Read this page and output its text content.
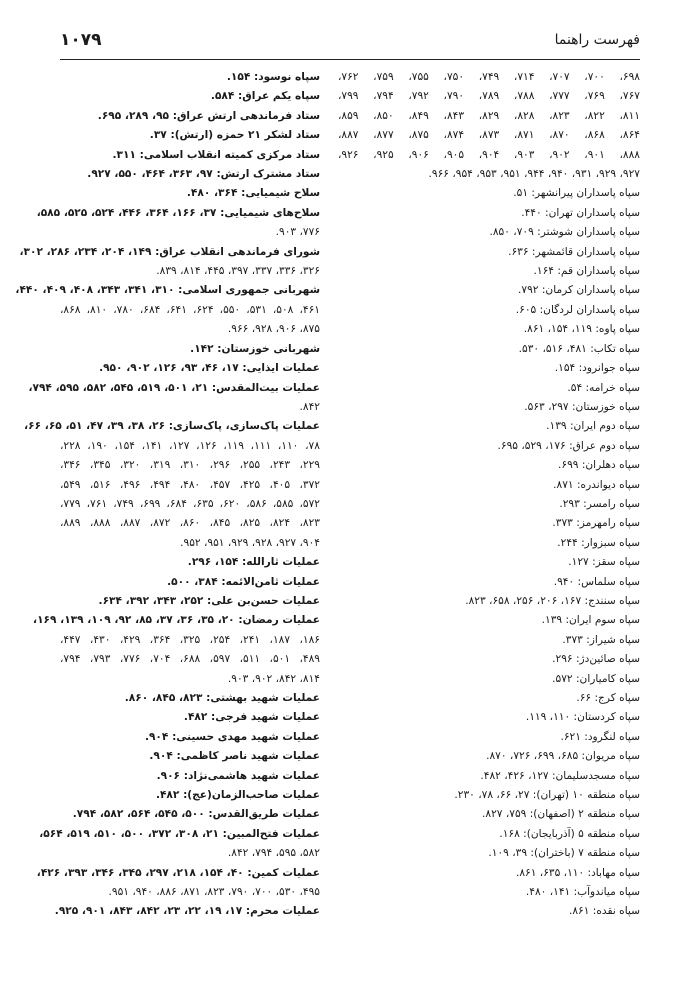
فهرست راهنما
۱۰۷۹
۶۹۸، ۷۰۰، ۷۰۷، ۷۱۴، ۷۴۹، ۷۵۰، ۷۵۵، ۷۵۹، ۷۶۲،
۷۶۷، ۷۶۹، ۷۷۷، ۷۸۸، ۷۸۹، ۷۹۰، ۷۹۲، ۷۹۴، ۷۹۹،
۸۱۱، ۸۲۲، ۸۲۳، ۸۲۸، ۸۲۹، ۸۴۳، ۸۴۹، ۸۵۰، ۸۵۹،
۸۶۴، ۸۶۸، ۸۷۰، ۸۷۱، ۸۷۳، ۸۷۴، ۸۷۵، ۸۷۷، ۸۸۷،
۸۸۸، ۹۰۱، ۹۰۲، ۹۰۳، ۹۰۴، ۹۰۵، ۹۰۶، ۹۲۵، ۹۲۶،
۹۲۷، ۹۲۹، ۹۳۱، ۹۴۰، ۹۴۴، ۹۵۱، ۹۵۳، ۹۵۴، ۹۶۶.
سپاه پاسداران پیرانشهر: ۵۱.
سپاه پاسداران تهران: ۴۴۰.
سپاه پاسداران شوشتر: ۷۰۹، ۸۵۰.
سپاه پاسداران قائمشهر: ۶۳۶.
سپاه پاسداران قم: ۱۶۴.
سپاه پاسداران کرمان: ۷۹۲.
سپاه پاسداران لردگان: ۶۰۵.
سپاه پاوه: ۱۱۹، ۱۵۴، ۸۶۱.
سپاه تکاب: ۴۸۱، ۵۱۶، ۵۳۰.
سپاه جوانرود: ۱۵۴.
سپاه خرامه: ۵۴.
سپاه خوزستان: ۲۹۷، ۵۶۳.
سپاه دوم ایران: ۱۳۹.
سپاه دوم عراق: ۱۷۶، ۵۲۹، ۶۹۵.
سپاه دهلران: ۶۹۹.
سپاه دیواندره: ۸۷۱.
سپاه رامسر: ۲۹۳.
سپاه رامهرمز: ۳۷۳.
سپاه سبزوار: ۲۴۴.
سپاه سقز: ۱۲۷.
سپاه سلماس: ۹۴۰.
سپاه سنندج: ۱۶۷، ۲۰۶، ۲۵۶، ۶۵۸، ۸۲۳.
سپاه سوم ایران: ۱۳۹.
سپاه شیراز: ۳۷۳.
سپاه صائین‌دژ: ۲۹۶.
سپاه کامیاران: ۵۷۲.
سپاه کرج: ۶۶.
سپاه کردستان: ۱۱۰، ۱۱۹.
سپاه لنگرود: ۶۲۱.
سپاه مریوان: ۶۸۵، ۶۹۹، ۷۲۶، ۸۷۰.
سپاه مسجدسلیمان: ۱۲۷، ۴۲۶، ۴۸۲.
سپاه منطقه ۱۰ (تهران): ۲۷، ۶۶، ۷۸، ۲۳۰.
سپاه منطقه ۲ (اصفهان): ۷۵۹، ۸۲۷.
سپاه منطقه ۵ (آذربایجان): ۱۶۸.
سپاه منطقه ۷ (باختران): ۳۹، ۱۰۹.
سپاه مهاباد: ۱۱۰، ۶۳۵، ۸۶۱.
سپاه میاندوآب: ۱۴۱، ۴۸۰.
سپاه نقده: ۸۶۱.
سپاه نوسود: ۱۵۴.
سپاه یکم عراق: ۵۸۴.
ستاد فرماندهی ارتش عراق: ۹۵، ۲۸۹، ۶۹۵.
ستاد لشکر ۲۱ حمزه (ارتش): ۳۷.
ستاد مرکزی کمیته انقلاب اسلامی: ۳۱۱.
ستاد مشترک ارتش: ۹۷، ۳۶۳، ۴۶۴، ۵۵۰، ۹۲۷.
سلاح شیمیایی: ۳۶۴، ۴۸۰.
سلاح‌های شیمیایی: ۳۷، ۱۶۶، ۳۶۴، ۴۴۶، ۵۲۴، ۵۲۵، ۵۸۵،
۷۷۶، ۹۰۳.
شورای فرماندهی انقلاب عراق: ۱۴۹، ۲۰۴، ۲۳۴، ۲۸۶، ۳۰۲،
۳۲۶، ۳۳۶، ۳۳۷، ۳۹۷، ۴۴۵، ۸۱۴، ۸۳۹.
شهربانی جمهوری اسلامی: ۳۱۰، ۳۴۱، ۳۴۳، ۴۰۸، ۴۰۹، ۴۴۰،
۴۶۱، ۵۰۸، ۵۳۱، ۵۵۰، ۶۲۴، ۶۴۱، ۶۸۴، ۷۸۰، ۸۱۰، ۸۶۸،
۸۷۵، ۹۰۶، ۹۲۸، ۹۶۶.
شهربانی خوزستان: ۱۴۲.
عملیات ایذایی: ۱۷، ۴۶، ۹۳، ۱۲۶، ۹۰۲، ۹۵۰.
عملیات بیت‌المقدس: ۲۱، ۵۰۱، ۵۱۹، ۵۴۵، ۵۸۲، ۵۹۵، ۷۹۴،
۸۴۲.
عملیات پاک‌سازی، پاک‌سازی: ۲۶، ۳۸، ۳۹، ۴۷، ۵۱، ۶۵، ۶۶،
۷۸، ۱۱۰، ۱۱۱، ۱۱۹، ۱۲۶، ۱۲۷، ۱۴۱، ۱۵۴، ۱۹۰، ۲۲۸،
۲۲۹، ۲۴۳، ۲۵۵، ۲۹۶، ۳۱۰، ۳۱۹، ۳۲۰، ۳۴۵، ۳۴۶،
۳۷۲، ۴۰۵، ۴۲۵، ۴۵۷، ۴۸۰، ۴۹۴، ۴۹۶، ۵۱۶، ۵۴۹،
۵۷۲، ۵۸۵، ۵۸۶، ۶۲۰، ۶۳۵، ۶۸۴، ۶۹۹، ۷۴۹، ۷۶۱، ۷۷۹،
۸۲۳، ۸۲۴، ۸۲۵، ۸۴۵، ۸۶۰، ۸۷۲، ۸۸۷، ۸۸۸، ۸۸۹،
۹۰۴، ۹۲۷، ۹۲۸، ۹۲۹، ۹۵۱، ۹۵۲.
عملیات ثارالله: ۱۵۴، ۲۹۶.
عملیات ثامن‌الائمه: ۳۸۴، ۵۰۰.
عملیات حسن‌بن علی: ۲۵۲، ۳۴۳، ۳۹۲، ۶۳۴.
عملیات رمضان: ۲۰، ۳۵، ۳۶، ۳۷، ۸۵، ۹۲، ۱۰۹، ۱۳۹، ۱۶۹،
۱۸۶، ۱۸۷، ۲۴۱، ۲۵۴، ۳۲۵، ۳۶۴، ۴۲۹، ۴۳۰، ۴۴۷،
۴۸۹، ۵۰۱، ۵۱۱، ۵۹۷، ۶۸۸، ۷۰۴، ۷۷۶، ۷۹۳، ۷۹۴،
۸۱۴، ۸۴۲، ۹۰۲، ۹۰۳.
عملیات شهید بهشتی: ۸۲۳، ۸۴۵، ۸۶۰.
عملیات شهید فرجی: ۴۸۲.
عملیات شهید مهدی حسینی: ۹۰۴.
عملیات شهید ناصر کاظمی: ۹۰۴.
عملیات شهید هاشمی‌نژاد: ۹۰۶.
عملیات صاحب‌الزمان(عج): ۴۸۲.
عملیات طریق‌القدس: ۵۰۰، ۵۴۵، ۵۶۴، ۵۸۲، ۷۹۴.
عملیات فتح‌المبین: ۲۱، ۳۰۸، ۳۷۲، ۵۰۰، ۵۱۰، ۵۱۹، ۵۶۴،
۵۸۲، ۵۹۵، ۷۹۴، ۸۴۲.
عملیات کمین: ۴۰، ۱۵۴، ۲۱۸، ۲۹۷، ۳۴۵، ۳۴۶، ۳۹۳، ۴۲۶،
۴۹۵، ۵۳۰، ۷۰۰، ۷۹۰، ۸۲۳، ۸۷۱، ۸۸۶، ۹۴۰، ۹۵۱.
عملیات محرم: ۱۷، ۱۹، ۲۲، ۲۳، ۸۴۲، ۸۴۳، ۹۰۱، ۹۲۵.
